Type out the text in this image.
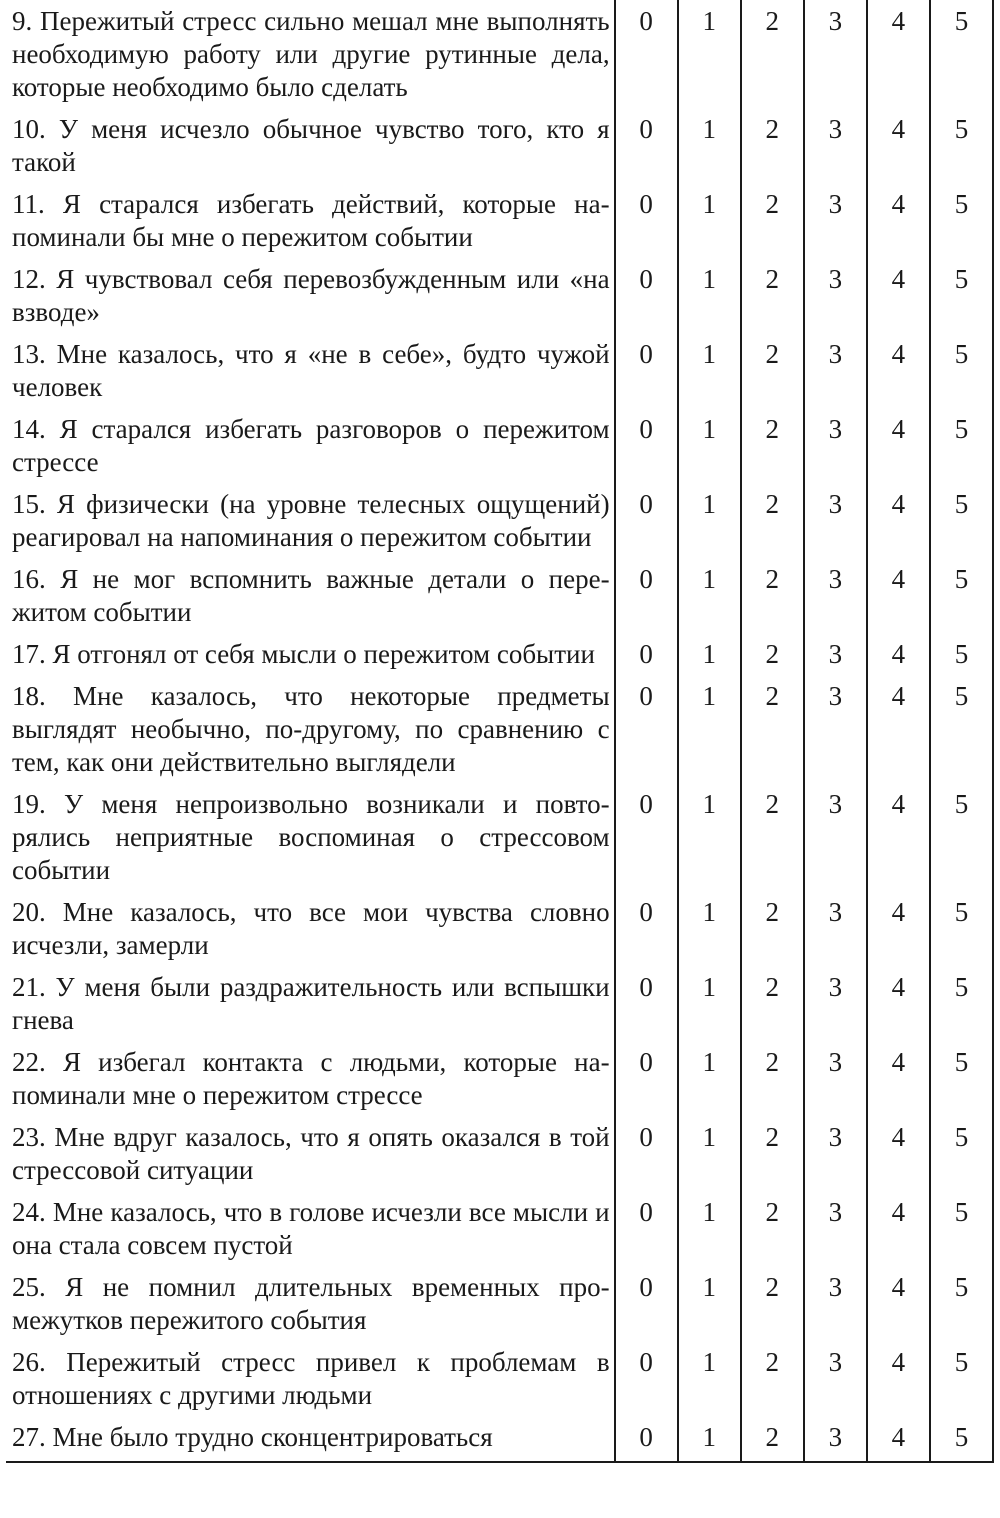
9. Пережитый стресс сильно мешал мне выполнять необходимую работу или другие рутинные дела, которые необходимо было сделать	0	1	2	3	4	5
10. У меня исчезло обычное чувство того, кто я такой	0	1	2	3	4	5
11. Я старался избегать действий, которые напоминали бы мне о пережитом событии	0	1	2	3	4	5
12. Я чувствовал себя перевозбужденным или «на взводе»	0	1	2	3	4	5
13. Мне казалось, что я «не в себе», будто чужой человек	0	1	2	3	4	5
14. Я старался избегать разговоров о пережитом стрессе	0	1	2	3	4	5
15. Я физически (на уровне телесных ощущений) реагировал на напоминания о пережитом событии	0	1	2	3	4	5
16. Я не мог вспомнить важные детали о пережитом событии	0	1	2	3	4	5
17. Я отгонял от себя мысли о пережитом событии	0	1	2	3	4	5
18. Мне казалось, что некоторые предметы выглядят необычно, по-другому, по сравнению с тем, как они действительно выглядели	0	1	2	3	4	5
19. У меня непроизвольно возникали и повторялись неприятные воспоминая о стрессовом событии	0	1	2	3	4	5
20. Мне казалось, что все мои чувства словно исчезли, замерли	0	1	2	3	4	5
21. У меня были раздражительность или вспышки гнева	0	1	2	3	4	5
22. Я избегал контакта с людьми, которые напоминали мне о пережитом стрессе	0	1	2	3	4	5
23. Мне вдруг казалось, что я опять оказался в той стрессовой ситуации	0	1	2	3	4	5
24. Мне казалось, что в голове исчезли все мысли и она стала совсем пустой	0	1	2	3	4	5
25. Я не помнил длительных временных промежутков пережитого события	0	1	2	3	4	5
26. Пережитый стресс привел к проблемам в отношениях с другими людьми	0	1	2	3	4	5
27. Мне было трудно сконцентрироваться	0	1	2	3	4	5
